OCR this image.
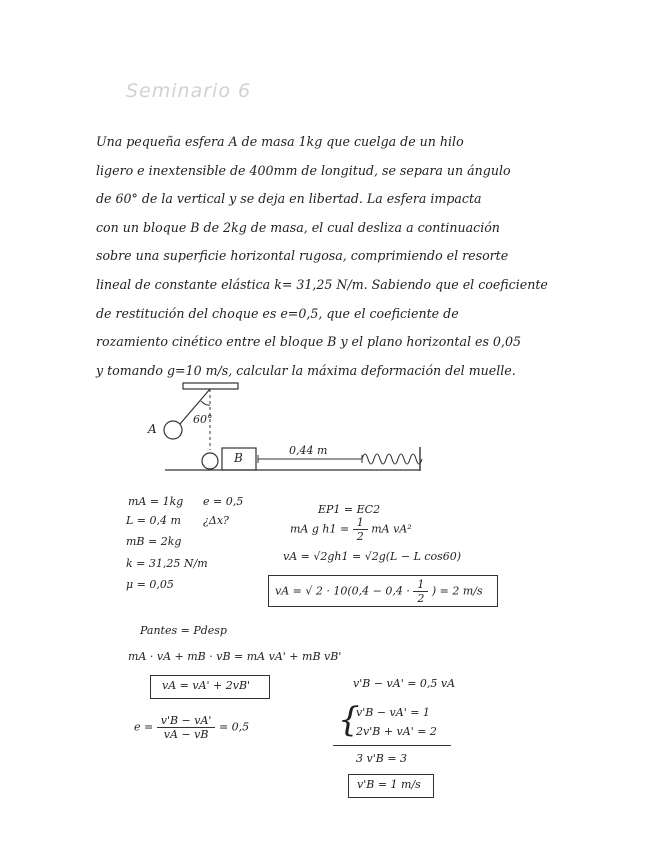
Seminario 6
Una pequeña esfera A de masa 1kg que cuelga de un hilo
ligero e inextensible de 400mm de longitud, se separa un ángulo
de 60° de la vertical y se deja en libertad. La esfera impacta
con un bloque B de 2kg de masa, el cual desliza a continuación
sobre una superficie horizontal rugosa, comprimiendo el resorte
lineal de constante elástica k= 31,25 N/m. Sabiendo que el coeficiente
de restitución del choque es e=0,5, que el coeficiente de
rozamiento cinético entre el bloque B y el plano horizontal es 0,05
y tomando g=10 m/s, calcular la máxima deformación del muelle.
A
60°
B
0,44 m
mA = 1kg e = 0,5
L = 0,4 m ¿Δx?
mB = 2kg
k = 31,25 N/m
μ = 0,05
EP1 = EC2
mA g $h1 = \frac{1}{2}$ mA vA²
vA = √2gh1 = √2g(L − L cos60)
vA = √ $2 \cdot 10(0,4 - 0,4 \cdot \frac{1}{2}$ ) = 2 m/s
Pantes = Pdesp
mA · vA + mB · vB = mA vA' + mB vB'
vA = vA' + 2vB'	v'B − vA' = 0,5 vA
$e = \frac{v'B - vA'}{vA - vB} = 0,5$	{
v'B − vA' = 1
2v'B + vA' = 2
3 v'B = 3
v'B = 1 m/s
